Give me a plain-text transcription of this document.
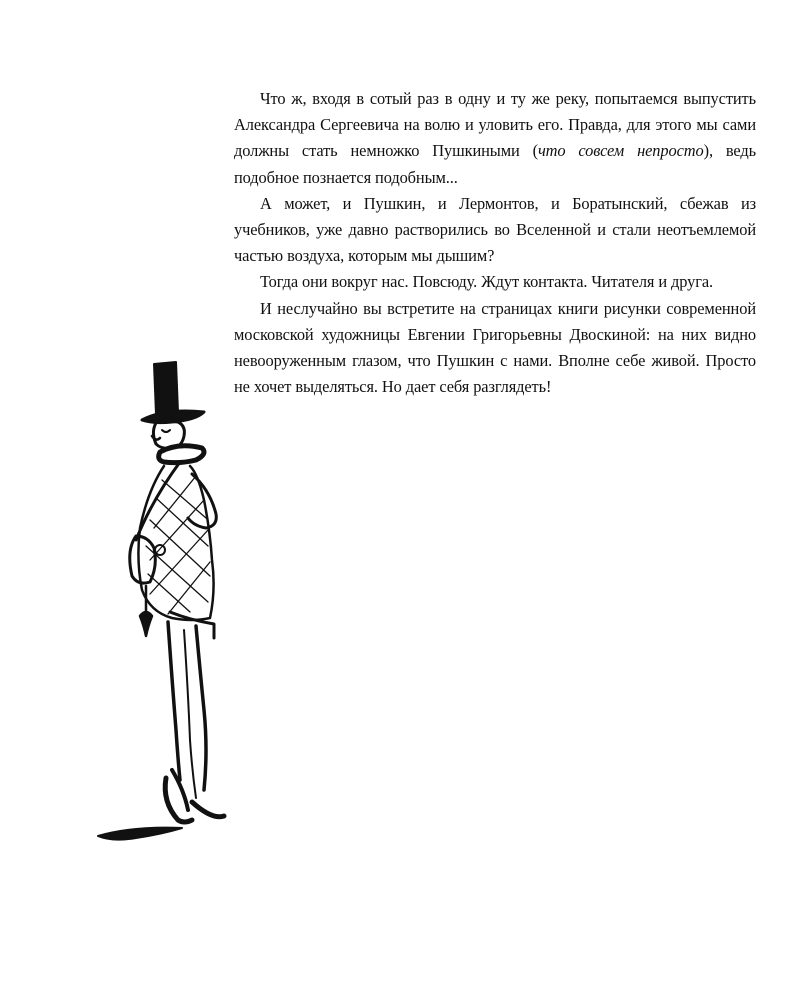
Что ж, входя в сотый раз в одну и ту же реку, попытаемся выпустить Александра Сергеевича на волю и уловить его. Правда, для этого мы сами должны стать немножко Пушкиными (что совсем непросто), ведь подобное познается подобным...

А может, и Пушкин, и Лермонтов, и Боратынский, сбежав из учебников, уже давно растворились во Вселенной и стали неотъемлемой частью воздуха, которым мы дышим?

Тогда они вокруг нас. Повсюду. Ждут контакта. Читателя и друга.

И неслучайно вы встретите на страницах книги рисунки современной московской художницы Евгении Григорьевны Двоскиной: на них видно невооруженным глазом, что Пушкин с нами. Вполне себе живой. Просто не хочет выделяться. Но дает себя разглядеть!
